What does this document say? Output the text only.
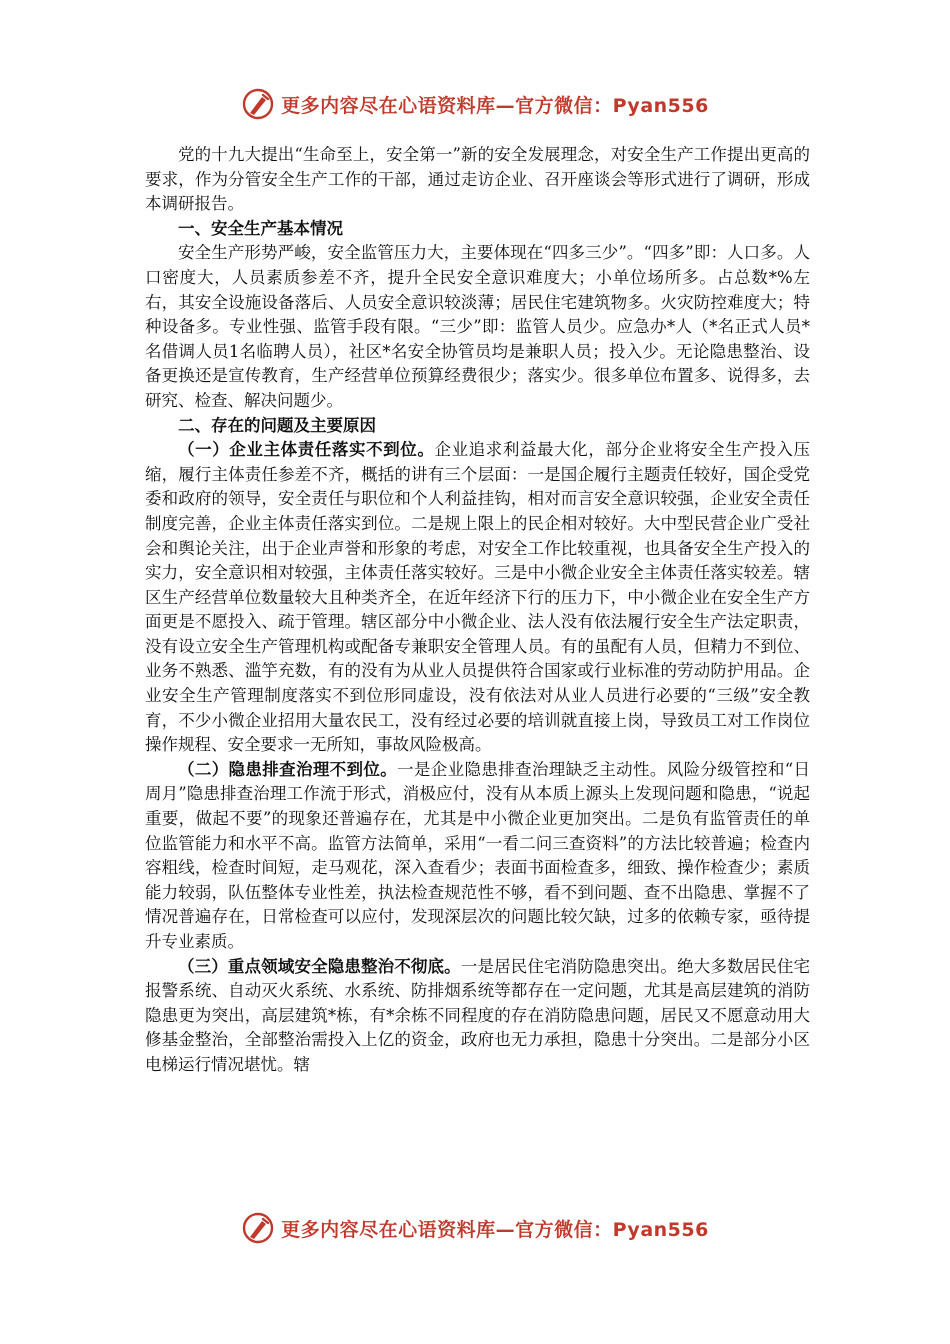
更多内容尽在心语资料库—官方微信：Pyan556

党的十九大提出“生命至上，安全第一”新的安全发展理念，对安全生产工作提出更高的要求，作为分管安全生产工作的干部，通过走访企业、召开座谈会等形式进行了调研，形成本调研报告。

一、安全生产基本情况

安全生产形势严峻，安全监管压力大，主要体现在“四多三少”。“四多”即：人口多。人口密度大，人员素质参差不齐，提升全民安全意识难度大；小单位场所多。占总数*%左右，其安全设施设备落后、人员安全意识较淡薄；居民住宅建筑物多。火灾防控难度大；特种设备多。专业性强、监管手段有限。“三少”即：监管人员少。应急办*人（*名正式人员*名借调人员1名临聘人员），社区*名安全协管员均是兼职人员；投入少。无论隐患整治、设备更换还是宣传教育，生产经营单位预算经费很少；落实少。很多单位布置多、说得多，去研究、检查、解决问题少。

二、存在的问题及主要原因

（一）企业主体责任落实不到位。企业追求利益最大化，部分企业将安全生产投入压缩，履行主体责任参差不齐，概括的讲有三个层面：一是国企履行主题责任较好，国企受党委和政府的领导，安全责任与职位和个人利益挂钩，相对而言安全意识较强，企业安全责任制度完善，企业主体责任落实到位。二是规上限上的民企相对较好。大中型民营企业广受社会和舆论关注，出于企业声誉和形象的考虑，对安全工作比较重视，也具备安全生产投入的实力，安全意识相对较强，主体责任落实较好。三是中小微企业安全主体责任落实较差。辖区生产经营单位数量较大且种类齐全，在近年经济下行的压力下，中小微企业在安全生产方面更是不愿投入、疏于管理。辖区部分中小微企业、法人没有依法履行安全生产法定职责，没有设立安全生产管理机构或配备专兼职安全管理人员。有的虽配有人员，但精力不到位、业务不熟悉、滥竽充数，有的没有为从业人员提供符合国家或行业标准的劳动防护用品。企业安全生产管理制度落实不到位形同虚设，没有依法对从业人员进行必要的“三级”安全教育，不少小微企业招用大量农民工，没有经过必要的培训就直接上岗，导致员工对工作岗位操作规程、安全要求一无所知，事故风险极高。

（二）隐患排查治理不到位。一是企业隐患排查治理缺乏主动性。风险分级管控和“日周月”隐患排查治理工作流于形式，消极应付，没有从本质上源头上发现问题和隐患，“说起重要，做起不要”的现象还普遍存在，尤其是中小微企业更加突出。二是负有监管责任的单位监管能力和水平不高。监管方法简单，采用“一看二问三查资料”的方法比较普遍；检查内容粗线，检查时间短，走马观花，深入查看少；表面书面检查多，细致、操作检查少；素质能力较弱，队伍整体专业性差，执法检查规范性不够，看不到问题、查不出隐患、掌握不了情况普遍存在，日常检查可以应付，发现深层次的问题比较欠缺，过多的依赖专家，亟待提升专业素质。

（三）重点领域安全隐患整治不彻底。一是居民住宅消防隐患突出。绝大多数居民住宅报警系统、自动灭火系统、水系统、防排烟系统等都存在一定问题，尤其是高层建筑的消防隐患更为突出，高层建筑*栋，有*余栋不同程度的存在消防隐患问题，居民又不愿意动用大修基金整治，全部整治需投入上亿的资金，政府也无力承担，隐患十分突出。二是部分小区电梯运行情况堪忧。辖

更多内容尽在心语资料库—官方微信：Pyan556
